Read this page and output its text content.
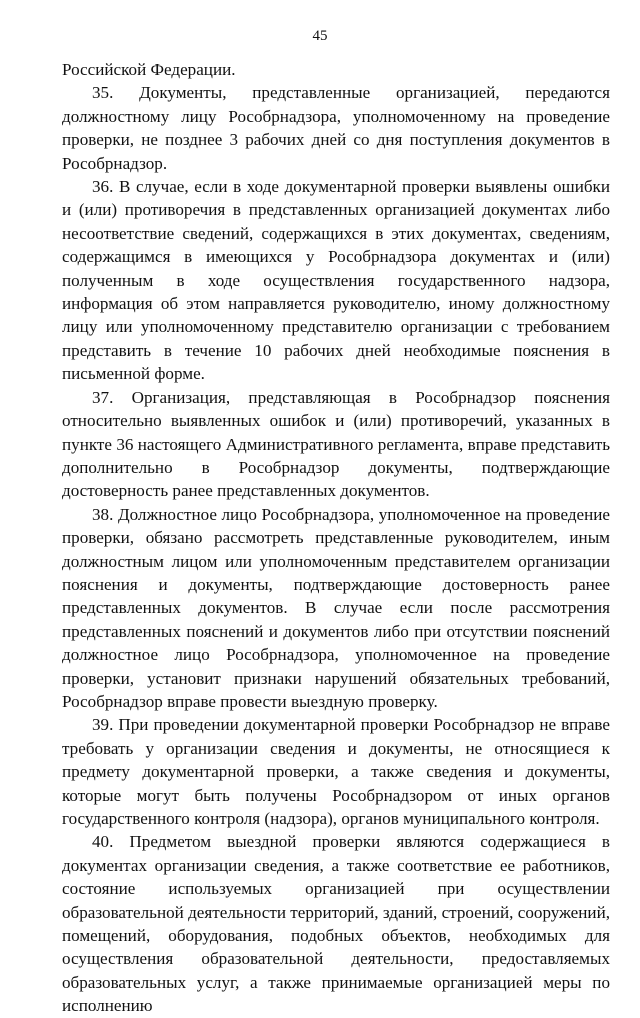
45

Российской Федерации.

35. Документы, представленные организацией, передаются должностному лицу Рособрнадзора, уполномоченному на проведение проверки, не позднее 3 рабочих дней со дня поступления документов в Рособрнадзор.

36. В случае, если в ходе документарной проверки выявлены ошибки и (или) противоречия в представленных организацией документах либо несоответствие сведений, содержащихся в этих документах, сведениям, содержащимся в имеющихся у Рособрнадзора документах и (или) полученным в ходе осуществления государственного надзора, информация об этом направляется руководителю, иному должностному лицу или уполномоченному представителю организации с требованием представить в течение 10 рабочих дней необходимые пояснения в письменной форме.

37. Организация, представляющая в Рособрнадзор пояснения относительно выявленных ошибок и (или) противоречий, указанных в пункте 36 настоящего Административного регламента, вправе представить дополнительно в Рособрнадзор документы, подтверждающие достоверность ранее представленных документов.

38. Должностное лицо Рособрнадзора, уполномоченное на проведение проверки, обязано рассмотреть представленные руководителем, иным должностным лицом или уполномоченным представителем организации пояснения и документы, подтверждающие достоверность ранее представленных документов. В случае если после рассмотрения представленных пояснений и документов либо при отсутствии пояснений должностное лицо Рособрнадзора, уполномоченное на проведение проверки, установит признаки нарушений обязательных требований, Рособрнадзор вправе провести выездную проверку.

39. При проведении документарной проверки Рособрнадзор не вправе требовать у организации сведения и документы, не относящиеся к предмету документарной проверки, а также сведения и документы, которые могут быть получены Рособрнадзором от иных органов государственного контроля (надзора), органов муниципального контроля.

40. Предметом выездной проверки являются содержащиеся в документах организации сведения, а также соответствие ее работников, состояние используемых организацией при осуществлении образовательной деятельности территорий, зданий, строений, сооружений, помещений, оборудования, подобных объектов, необходимых для осуществления образовательной деятельности, предоставляемых образовательных услуг, а также принимаемые организацией меры по исполнению
